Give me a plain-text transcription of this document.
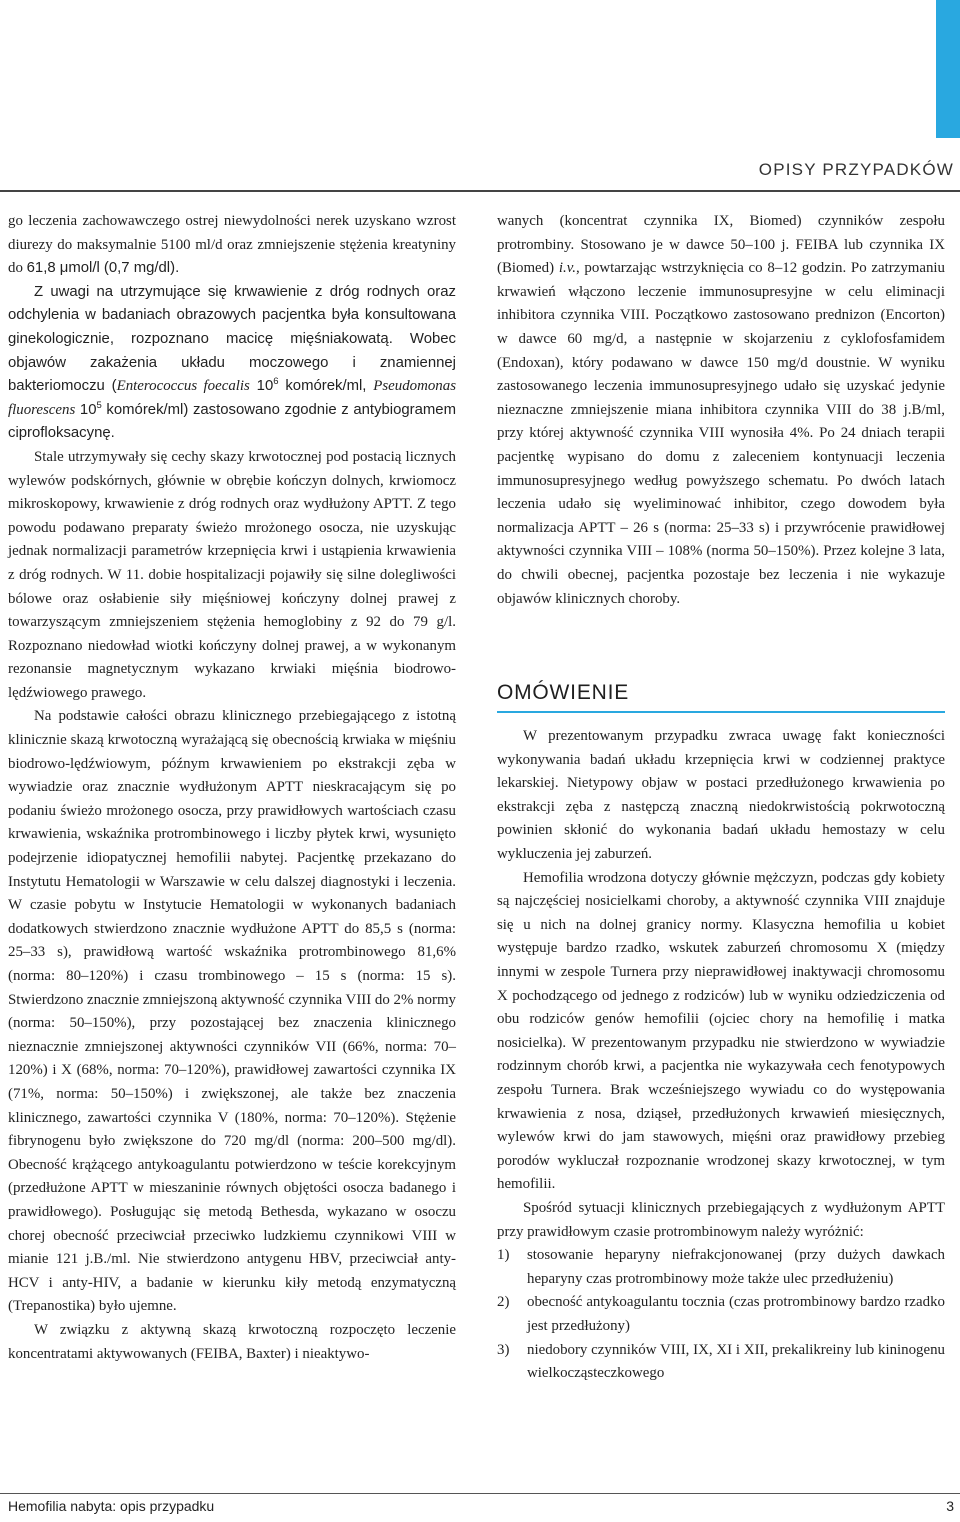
OPISY PRZYPADKÓW

go leczenia zachowawczego ostrej niewydolności nerek uzyskano wzrost diurezy do maksymalnie 5100 ml/d oraz zmniejszenie stężenia kreatyniny do 61,8 μmol/l (0,7 mg/dl).

Z uwagi na utrzymujące się krwawienie z dróg rodnych oraz odchylenia w badaniach obrazowych pacjentka była konsultowana ginekologicznie, rozpoznano macicę mięśniakowatą. Wobec objawów zakażenia układu moczowego i znamiennej bakteriomoczu (Enterococcus foecalis $10^6$ komórek/ml, Pseudomonas fluorescens $10^5$ komórek/ml) zastosowano zgodnie z antybiogramem ciprofloksacynę.

Stale utrzymywały się cechy skazy krwotocznej pod postacią licznych wylewów podskórnych, głównie w obrębie kończyn dolnych, krwiomocz mikroskopowy, krwawienie z dróg rodnych oraz wydłużony APTT. Z tego powodu podawano preparaty świeżo mrożonego osocza, nie uzyskując jednak normalizacji parametrów krzepnięcia krwi i ustąpienia krwawienia z dróg rodnych. W 11. dobie hospitalizacji pojawiły się silne dolegliwości bólowe oraz osłabienie siły mięśniowej kończyny dolnej prawej z towarzyszącym zmniejszeniem stężenia hemoglobiny z 92 do 79 g/l. Rozpoznano niedowład wiotki kończyny dolnej prawej, a w wykonanym rezonansie magnetycznym wykazano krwiaki mięśnia biodrowo-lędźwiowego prawego.

Na podstawie całości obrazu klinicznego przebiegającego z istotną klinicznie skazą krwotoczną wyrażającą się obecnością krwiaka w mięśniu biodrowo-lędźwiowym, późnym krwawieniem po ekstrakcji zęba w wywiadzie oraz znacznie wydłużonym APTT nieskracającym się po podaniu świeżo mrożonego osocza, przy prawidłowych wartościach czasu krwawienia, wskaźnika protrombinowego i liczby płytek krwi, wysunięto podejrzenie idiopatycznej hemofilii nabytej. Pacjentkę przekazano do Instytutu Hematologii w Warszawie w celu dalszej diagnostyki i leczenia. W czasie pobytu w Instytucie Hematologii w wykonanych badaniach dodatkowych stwierdzono znacznie wydłużone APTT do 85,5 s (norma: 25–33 s), prawidłową wartość wskaźnika protrombinowego 81,6% (norma: 80–120%) i czasu trombinowego – 15 s (norma: 15 s). Stwierdzono znacznie zmniejszoną aktywność czynnika VIII do 2% normy (norma: 50–150%), przy pozostającej bez znaczenia klinicznego nieznacznie zmniejszonej aktywności czynników VII (66%, norma: 70–120%) i X (68%, norma: 70–120%), prawidłowej zawartości czynnika IX (71%, norma: 50–150%) i zwiększonej, ale także bez znaczenia klinicznego, zawartości czynnika V (180%, norma: 70–120%). Stężenie fibrynogenu było zwiększone do 720 mg/dl (norma: 200–500 mg/dl). Obecność krążącego antykoagulantu potwierdzono w teście korekcyjnym (przedłużone APTT w mieszaninie równych objętości osocza badanego i prawidłowego). Posługując się metodą Bethesda, wykazano w osoczu chorej obecność przeciwciał przeciwko ludzkiemu czynnikowi VIII w mianie 121 j.B./ml. Nie stwierdzono antygenu HBV, przeciwciał anty-HCV i anty-HIV, a badanie w kierunku kiły metodą enzymatyczną (Trepanostika) było ujemne.

W związku z aktywną skazą krwotoczną rozpoczęto leczenie koncentratami aktywowanych (FEIBA, Baxter) i nieaktywo-

wanych (koncentrat czynnika IX, Biomed) czynników zespołu protrombiny. Stosowano je w dawce 50–100 j. FEIBA lub czynnika IX (Biomed) i.v., powtarzając wstrzyknięcia co 8–12 godzin. Po zatrzymaniu krwawień włączono leczenie immunosupresyjne w celu eliminacji inhibitora czynnika VIII. Początkowo zastosowano prednizon (Encorton) w dawce 60 mg/d, a następnie w skojarzeniu z cyklofosfamidem (Endoxan), który podawano w dawce 150 mg/d doustnie. W wyniku zastosowanego leczenia immunosupresyjnego udało się uzyskać jedynie nieznaczne zmniejszenie miana inhibitora czynnika VIII do 38 j.B/ml, przy której aktywność czynnika VIII wynosiła 4%. Po 24 dniach terapii pacjentkę wypisano do domu z zaleceniem kontynuacji leczenia immunosupresyjnego według powyższego schematu. Po dwóch latach leczenia udało się wyeliminować inhibitor, czego dowodem była normalizacja APTT – 26 s (norma: 25–33 s) i przywrócenie prawidłowej aktywności czynnika VIII – 108% (norma 50–150%). Przez kolejne 3 lata, do chwili obecnej, pacjentka pozostaje bez leczenia i nie wykazuje objawów klinicznych choroby.

OMÓWIENIE

W prezentowanym przypadku zwraca uwagę fakt konieczności wykonywania badań układu krzepnięcia krwi w codziennej praktyce lekarskiej. Nietypowy objaw w postaci przedłużonego krwawienia po ekstrakcji zęba z następczą znaczną niedokrwistością pokrwotoczną powinien skłonić do wykonania badań układu hemostazy w celu wykluczenia jej zaburzeń.

Hemofilia wrodzona dotyczy głównie mężczyzn, podczas gdy kobiety są najczęściej nosicielkami choroby, a aktywność czynnika VIII znajduje się u nich na dolnej granicy normy. Klasyczna hemofilia u kobiet występuje bardzo rzadko, wskutek zaburzeń chromosomu X (między innymi w zespole Turnera przy nieprawidłowej inaktywacji chromosomu X pochodzącego od jednego z rodziców) lub w wyniku odziedziczenia od obu rodziców genów hemofilii (ojciec chory na hemofilię i matka nosicielka). W prezentowanym przypadku nie stwierdzono w wywiadzie rodzinnym chorób krwi, a pacjentka nie wykazywała cech fenotypowych zespołu Turnera. Brak wcześniejszego wywiadu co do występowania krwawienia z nosa, dziąseł, przedłużonych krwawień miesięcznych, wylewów krwi do jam stawowych, mięśni oraz prawidłowy przebieg porodów wykluczał rozpoznanie wrodzonej skazy krwotocznej, w tym hemofilii.

Spośród sytuacji klinicznych przebiegających z wydłużonym APTT przy prawidłowym czasie protrombinowym należy wyróżnić:

1) stosowanie heparyny niefrakcjonowanej (przy dużych dawkach heparyny czas protrombinowy może także ulec przedłużeniu)
2) obecność antykoagulantu tocznia (czas protrombinowy bardzo rzadko jest przedłużony)
3) niedobory czynników VIII, IX, XI i XII, prekalikreiny lub kininogenu wielkocząsteczkowego
Hemofilia nabyta: opis przypadku	3
